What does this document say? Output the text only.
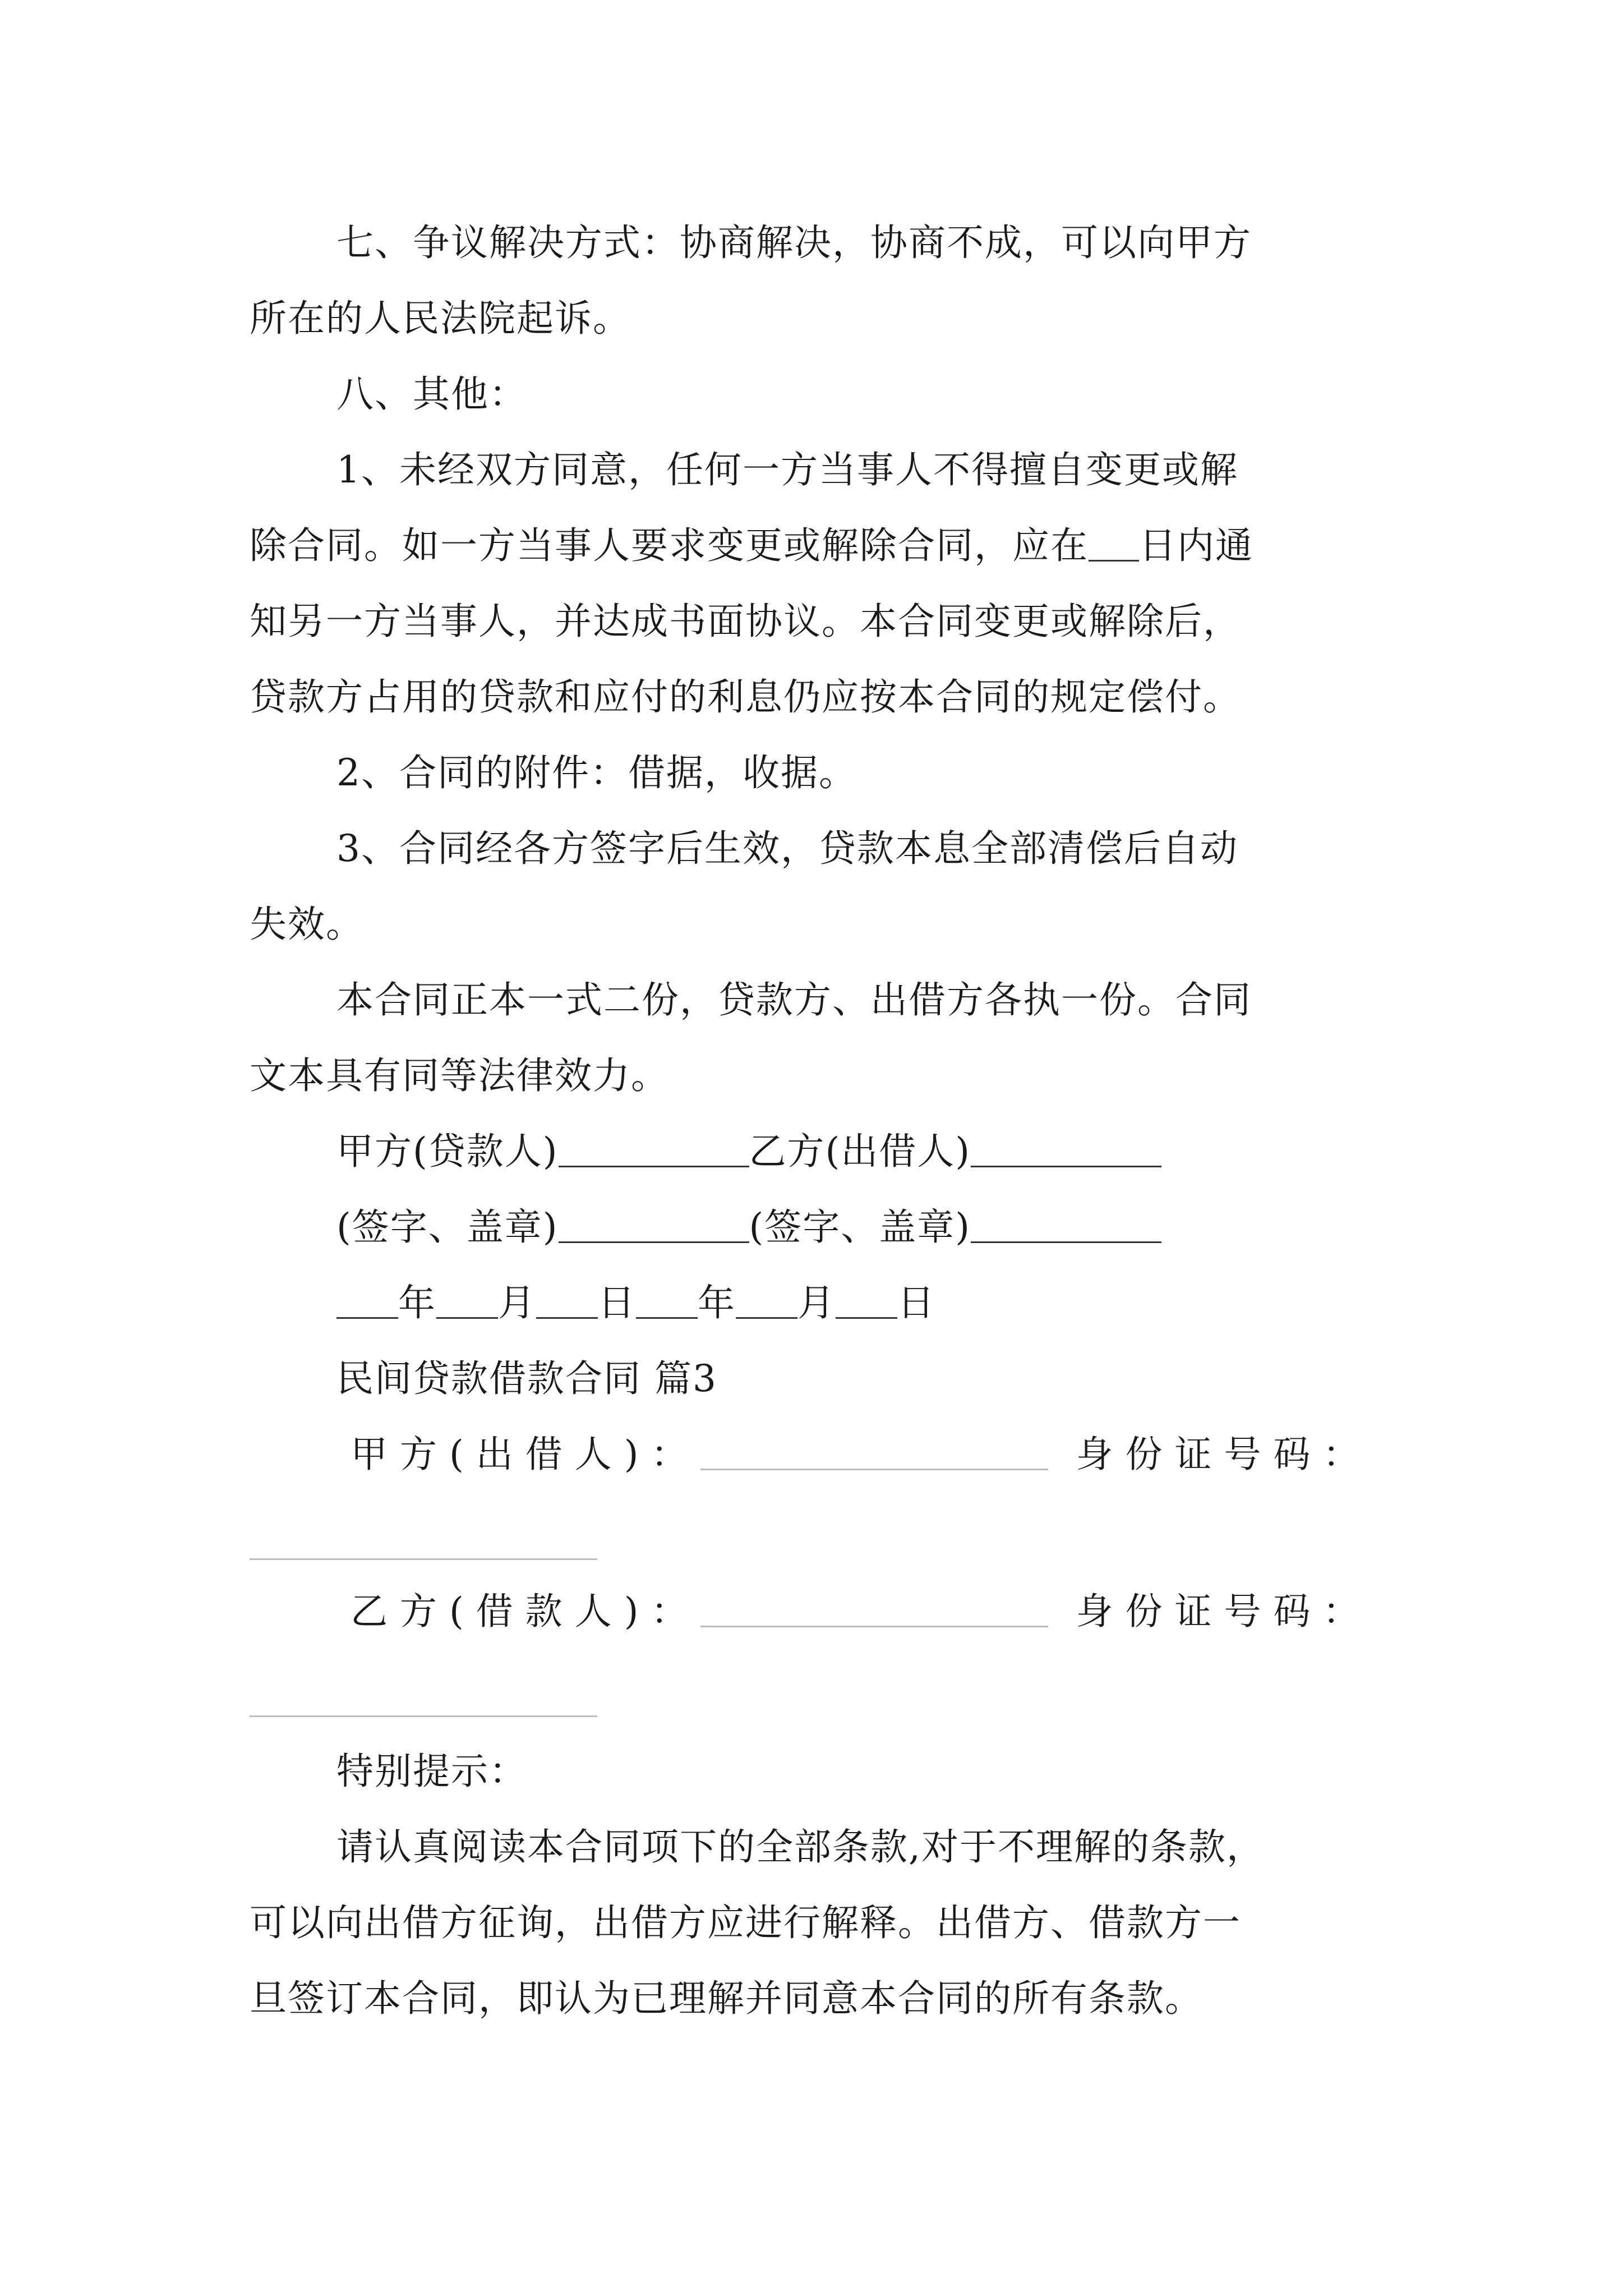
七、争议解决方式：协商解决，协商不成，可以向甲方
所在的人民法院起诉。
八、其他：
1、未经双方同意，任何一方当事人不得擅自变更或解
除合同。如一方当事人要求变更或解除合同，应在 日内通
知另一方当事人，并达成书面协议。本合同变更或解除后，
贷款方占用的贷款和应付的利息仍应按本合同的规定偿付。
2、合同的附件：借据，收据。
3、合同经各方签字后生效，贷款本息全部清偿后自动
失效。
本合同正本一式二份，贷款方、出借方各执一份。合同
文本具有同等法律效力。
甲方(贷款人)	乙方(出借人)
(签字、盖章)	(签字、盖章)
年 月 日 年 月 日
民间贷款借款合同 篇3
甲方(出借人)：	身份证号码：
乙方(借款人)：	身份证号码：
特别提示：
请认真阅读本合同项下的全部条款,对于不理解的条款，
可以向出借方征询，出借方应进行解释。出借方、借款方一
旦签订本合同，即认为已理解并同意本合同的所有条款。
